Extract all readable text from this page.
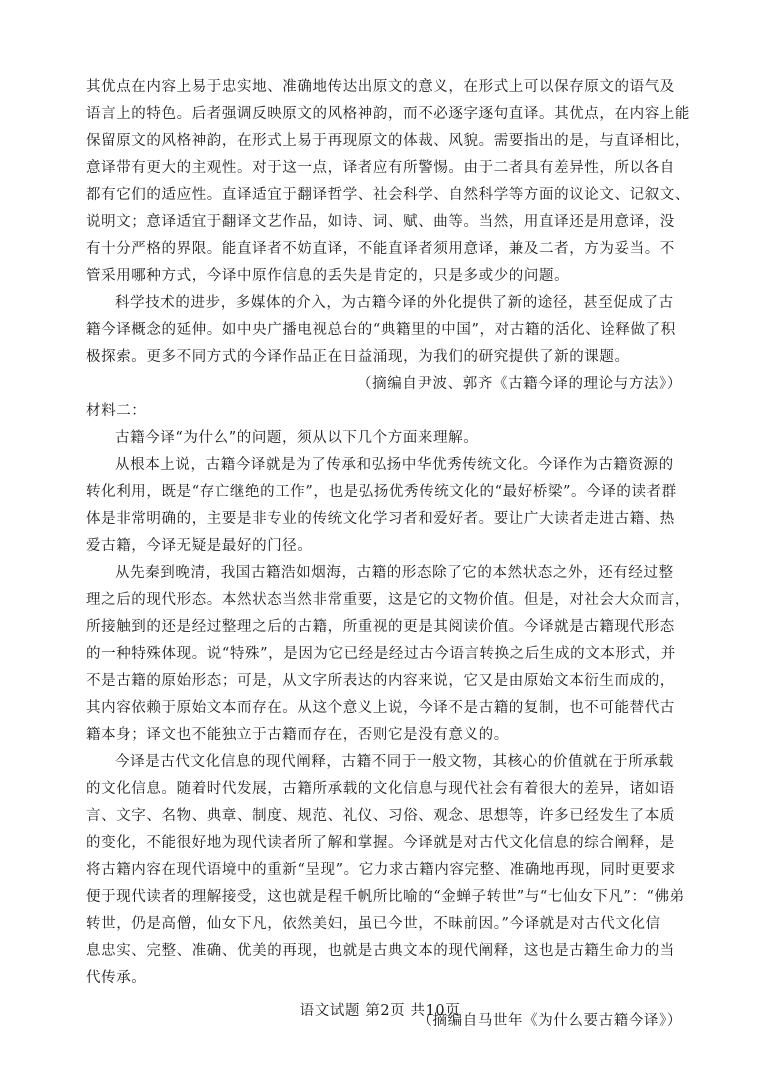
其优点在内容上易于忠实地、准确地传达出原文的意义，在形式上可以保存原文的语气及
语言上的特色。后者强调反映原文的风格神韵，而不必逐字逐句直译。其优点，在内容上能
保留原文的风格神韵，在形式上易于再现原文的体裁、风貌。需要指出的是，与直译相比，
意译带有更大的主观性。对于这一点，译者应有所警惕。由于二者具有差异性，所以各自
都有它们的适应性。直译适宜于翻译哲学、社会科学、自然科学等方面的议论文、记叙文、
说明文；意译适宜于翻译文艺作品，如诗、词、赋、曲等。当然，用直译还是用意译，没
有十分严格的界限。能直译者不妨直译，不能直译者须用意译，兼及二者，方为妥当。不
管采用哪种方式，今译中原作信息的丢失是肯定的，只是多或少的问题。
科学技术的进步，多媒体的介入，为古籍今译的外化提供了新的途径，甚至促成了古
籍今译概念的延伸。如中央广播电视总台的“典籍里的中国”，对古籍的活化、诠释做了积
极探索。更多不同方式的今译作品正在日益涌现，为我们的研究提供了新的课题。
（摘编自尹波、郭齐《古籍今译的理论与方法》）
材料二：
古籍今译“为什么”的问题，须从以下几个方面来理解。
从根本上说，古籍今译就是为了传承和弘扬中华优秀传统文化。今译作为古籍资源的
转化利用，既是“存亡继绝的工作”，也是弘扬优秀传统文化的“最好桥梁”。今译的读者群
体是非常明确的，主要是非专业的传统文化学习者和爱好者。要让广大读者走进古籍、热
爱古籍，今译无疑是最好的门径。
从先秦到晚清，我国古籍浩如烟海，古籍的形态除了它的本然状态之外，还有经过整
理之后的现代形态。本然状态当然非常重要，这是它的文物价值。但是，对社会大众而言，
所接触到的还是经过整理之后的古籍，所重视的更是其阅读价值。今译就是古籍现代形态
的一种特殊体现。说“特殊”，是因为它已经是经过古今语言转换之后生成的文本形式，并
不是古籍的原始形态；可是，从文字所表达的内容来说，它又是由原始文本衍生而成的，
其内容依赖于原始文本而存在。从这个意义上说，今译不是古籍的复制，也不可能替代古
籍本身；译文也不能独立于古籍而存在，否则它是没有意义的。
今译是古代文化信息的现代阐释，古籍不同于一般文物，其核心的价值就在于所承载
的文化信息。随着时代发展，古籍所承载的文化信息与现代社会有着很大的差异，诸如语
言、文字、名物、典章、制度、规范、礼仪、习俗、观念、思想等，许多已经发生了本质
的变化，不能很好地为现代读者所了解和掌握。今译就是对古代文化信息的综合阐释，是
将古籍内容在现代语境中的重新“呈现”。它力求古籍内容完整、准确地再现，同时更要求
便于现代读者的理解接受，这也就是程千帆所比喻的“金蝉子转世”与“七仙女下凡”：“佛弟
转世，仍是高僧，仙女下凡，依然美妇，虽已今世，不昧前因。”今译就是对古代文化信
息忠实、完整、准确、优美的再现，也就是古典文本的现代阐释，这也是古籍生命力的当
代传承。
（摘编自马世年《为什么要古籍今译》）
语文试题 第2页 共10页
